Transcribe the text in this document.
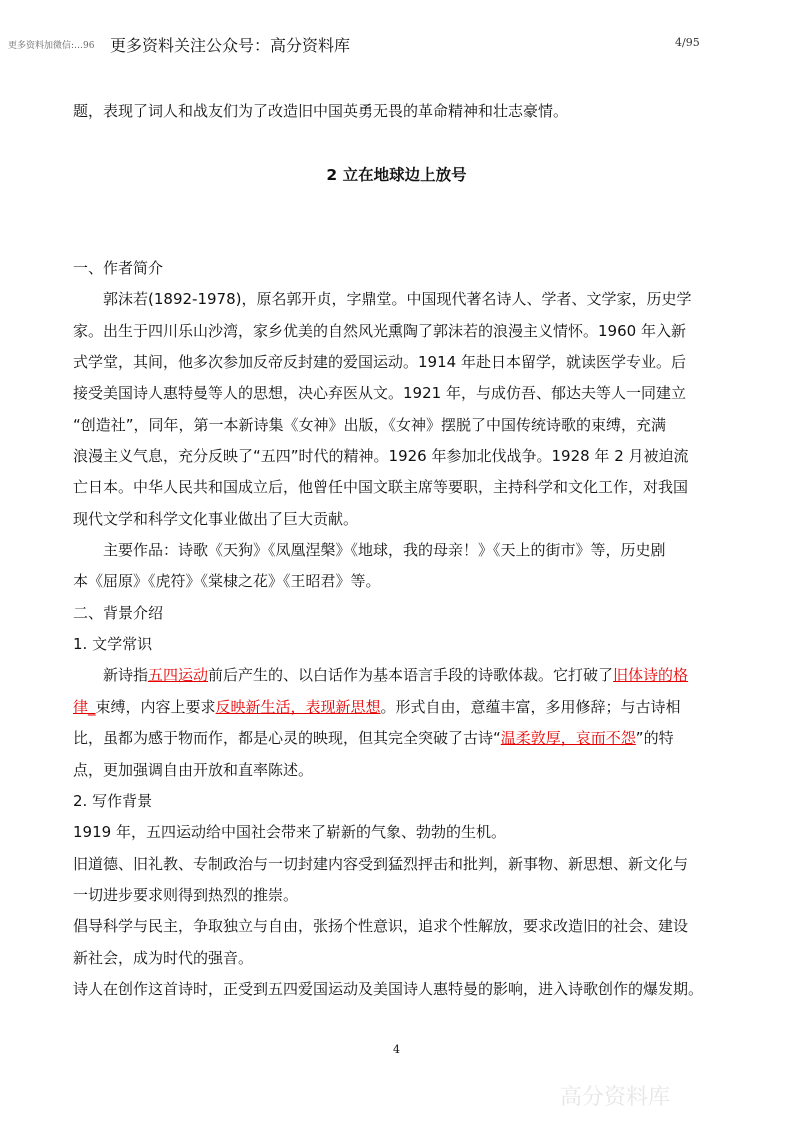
高分资料库
更多资料加微信:…96 更多资料关注公众号：高分资料库	4/95
题，表现了词人和战友们为了改造旧中国英勇无畏的革命精神和壮志豪情。
2 立在地球边上放号
一、作者简介
郭沫若(1892-1978)，原名郭开贞，字鼎堂。中国现代著名诗人、学者、文学家，历史学
家。出生于四川乐山沙湾，家乡优美的自然风光熏陶了郭沫若的浪漫主义情怀。1960 年入新
式学堂，其间，他多次参加反帝反封建的爱国运动。1914 年赴日本留学，就读医学专业。后
接受美国诗人惠特曼等人的思想，决心弃医从文。1921 年，与成仿吾、郁达夫等人一同建立
“创造社”，同年，第一本新诗集《女神》出版，《女神》摆脱了中国传统诗歌的束缚，充满
浪漫主义气息，充分反映了“五四”时代的精神。1926 年参加北伐战争。1928 年 2 月被迫流
亡日本。中华人民共和国成立后，他曾任中国文联主席等要职，主持科学和文化工作，对我国
现代文学和科学文化事业做出了巨大贡献。
主要作品：诗歌《天狗》《凤凰涅槃》《地球，我的母亲！》《天上的街市》等，历史剧
本《屈原》《虎符》《棠棣之花》《王昭君》等。
二、背景介绍
1. 文学常识
新诗指五四运动前后产生的、以白话作为基本语言手段的诗歌体裁。它打破了旧体诗的格
律_束缚，内容上要求反映新生活，表现新思想。形式自由，意蕴丰富，多用修辞；与古诗相
比，虽都为感于物而作，都是心灵的映现，但其完全突破了古诗“温柔敦厚，哀而不怨”的特
点，更加强调自由开放和直率陈述。
2. 写作背景
1919 年，五四运动给中国社会带来了崭新的气象、勃勃的生机。
旧道德、旧礼教、专制政治与一切封建内容受到猛烈抨击和批判，新事物、新思想、新文化与
一切进步要求则得到热烈的推崇。
倡导科学与民主，争取独立与自由，张扬个性意识，追求个性解放，要求改造旧的社会、建设
新社会，成为时代的强音。
诗人在创作这首诗时，正受到五四爱国运动及美国诗人惠特曼的影响，进入诗歌创作的爆发期。
4
